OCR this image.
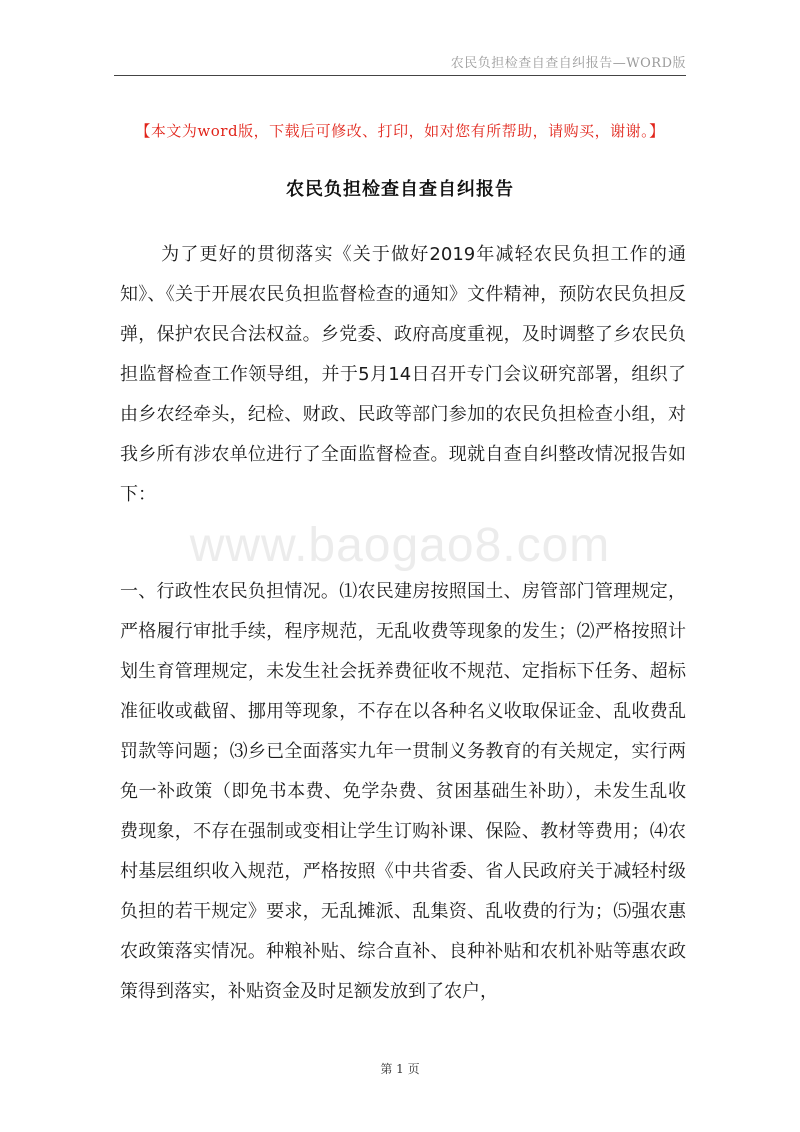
农民负担检查自查自纠报告—WORD版
【本文为word版，下载后可修改、打印，如对您有所帮助，请购买，谢谢。】
农民负担检查自查自纠报告
为了更好的贯彻落实《关于做好2019年减轻农民负担工作的通知》、《关于开展农民负担监督检查的通知》文件精神，预防农民负担反弹，保护农民合法权益。乡党委、政府高度重视，及时调整了乡农民负担监督检查工作领导组，并于5月14日召开专门会议研究部署，组织了由乡农经牵头，纪检、财政、民政等部门参加的农民负担检查小组，对我乡所有涉农单位进行了全面监督检查。现就自查自纠整改情况报告如下：
www.baogao8.com
一、行政性农民负担情况。⑴农民建房按照国土、房管部门管理规定，严格履行审批手续，程序规范，无乱收费等现象的发生；⑵严格按照计划生育管理规定，未发生社会抚养费征收不规范、定指标下任务、超标准征收或截留、挪用等现象，不存在以各种名义收取保证金、乱收费乱罚款等问题；⑶乡已全面落实九年一贯制义务教育的有关规定，实行两免一补政策（即免书本费、免学杂费、贫困基础生补助），未发生乱收费现象，不存在强制或变相让学生订购补课、保险、教材等费用；⑷农村基层组织收入规范，严格按照《中共省委、省人民政府关于减轻村级负担的若干规定》要求，无乱摊派、乱集资、乱收费的行为；⑸强农惠农政策落实情况。种粮补贴、综合直补、良种补贴和农机补贴等惠农政策得到落实，补贴资金及时足额发放到了农户，
第 1 页
